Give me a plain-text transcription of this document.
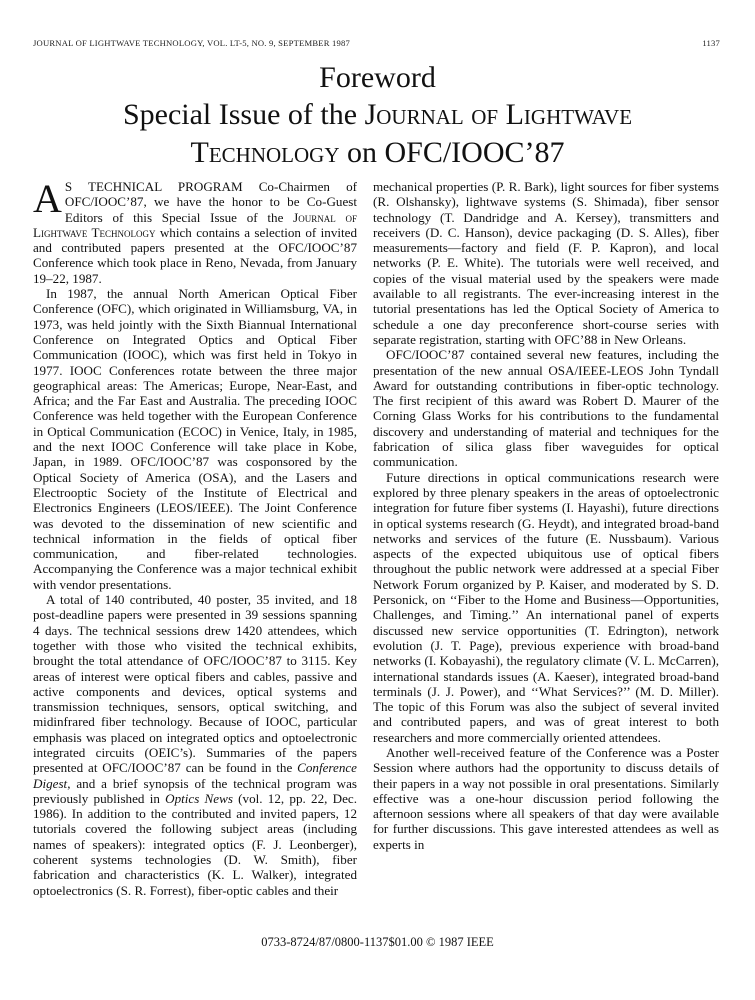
JOURNAL OF LIGHTWAVE TECHNOLOGY, VOL. LT-5, NO. 9, SEPTEMBER 1987	1137
Foreword
Special Issue of the Journal of Lightwave
Technology on OFC/IOOC’87

A S TECHNICAL PROGRAM Co-Chairmen of OFC/IOOC’87, we have the honor to be Co-Guest Editors of this Special Issue of the Journal of Lightwave Technology which contains a selection of invited and contributed papers presented at the OFC/IOOC’87 Conference which took place in Reno, Nevada, from January 19–22, 1987.

In 1987, the annual North American Optical Fiber Conference (OFC), which originated in Williamsburg, VA, in 1973, was held jointly with the Sixth Biannual International Conference on Integrated Optics and Optical Fiber Communication (IOOC), which was first held in Tokyo in 1977. IOOC Conferences rotate between the three major geographical areas: The Americas; Europe, Near-East, and Africa; and the Far East and Australia. The preceding IOOC Conference was held together with the European Conference in Optical Communication (ECOC) in Venice, Italy, in 1985, and the next IOOC Conference will take place in Kobe, Japan, in 1989. OFC/IOOC’87 was cosponsored by the Optical Society of America (OSA), and the Lasers and Electrooptic Society of the Institute of Electrical and Electronics Engineers (LEOS/IEEE). The Joint Conference was devoted to the dissemination of new scientific and technical information in the fields of optical fiber communication, and fiber-related technologies. Accompanying the Conference was a major technical exhibit with vendor presentations.

A total of 140 contributed, 40 poster, 35 invited, and 18 post-deadline papers were presented in 39 sessions spanning 4 days. The technical sessions drew 1420 attendees, which together with those who visited the technical exhibits, brought the total attendance of OFC/IOOC’87 to 3115. Key areas of interest were optical fibers and cables, passive and active components and devices, optical systems and transmission techniques, sensors, optical switching, and midinfrared fiber technology. Because of IOOC, particular emphasis was placed on integrated optics and optoelectronic integrated circuits (OEIC’s). Summaries of the papers presented at OFC/IOOC’87 can be found in the Conference Digest, and a brief synopsis of the technical program was previously published in Optics News (vol. 12, pp. 22, Dec. 1986). In addition to the contributed and invited papers, 12 tutorials covered the following subject areas (including names of speakers): integrated optics (F. J. Leonberger), coherent systems technologies (D. W. Smith), fiber fabrication and characteristics (K. L. Walker), integrated optoelectronics (S. R. Forrest), fiber-optic cables and their

mechanical properties (P. R. Bark), light sources for fiber systems (R. Olshansky), lightwave systems (S. Shimada), fiber sensor technology (T. Dandridge and A. Kersey), transmitters and receivers (D. C. Hanson), device packaging (D. S. Alles), fiber measurements—factory and field (F. P. Kapron), and local networks (P. E. White). The tutorials were well received, and copies of the visual material used by the speakers were made available to all registrants. The ever-increasing interest in the tutorial presentations has led the Optical Society of America to schedule a one day preconference short-course series with separate registration, starting with OFC’88 in New Orleans.

OFC/IOOC’87 contained several new features, including the presentation of the new annual OSA/IEEE-LEOS John Tyndall Award for outstanding contributions in fiber-optic technology. The first recipient of this award was Robert D. Maurer of the Corning Glass Works for his contributions to the fundamental discovery and understanding of material and techniques for the fabrication of silica glass fiber waveguides for optical communication.

Future directions in optical communications research were explored by three plenary speakers in the areas of optoelectronic integration for future fiber systems (I. Hayashi), future directions in optical systems research (G. Heydt), and integrated broad-band networks and services of the future (E. Nussbaum). Various aspects of the expected ubiquitous use of optical fibers throughout the public network were addressed at a special Fiber Network Forum organized by P. Kaiser, and moderated by S. D. Personick, on ‘‘Fiber to the Home and Business—Opportunities, Challenges, and Timing.’’ An international panel of experts discussed new service opportunities (T. Edrington), network evolution (J. T. Page), previous experience with broad-band networks (I. Kobayashi), the regulatory climate (V. L. McCarren), international standards issues (A. Kaeser), integrated broad-band terminals (J. J. Power), and ‘‘What Services?’’ (M. D. Miller). The topic of this Forum was also the subject of several invited and contributed papers, and was of great interest to both researchers and more commercially oriented attendees.

Another well-received feature of the Conference was a Poster Session where authors had the opportunity to discuss details of their papers in a way not possible in oral presentations. Similarly effective was a one-hour discussion period following the afternoon sessions where all speakers of that day were available for further discussions. This gave interested attendees as well as experts in

0733-8724/87/0800-1137$01.00 © 1987 IEEE
